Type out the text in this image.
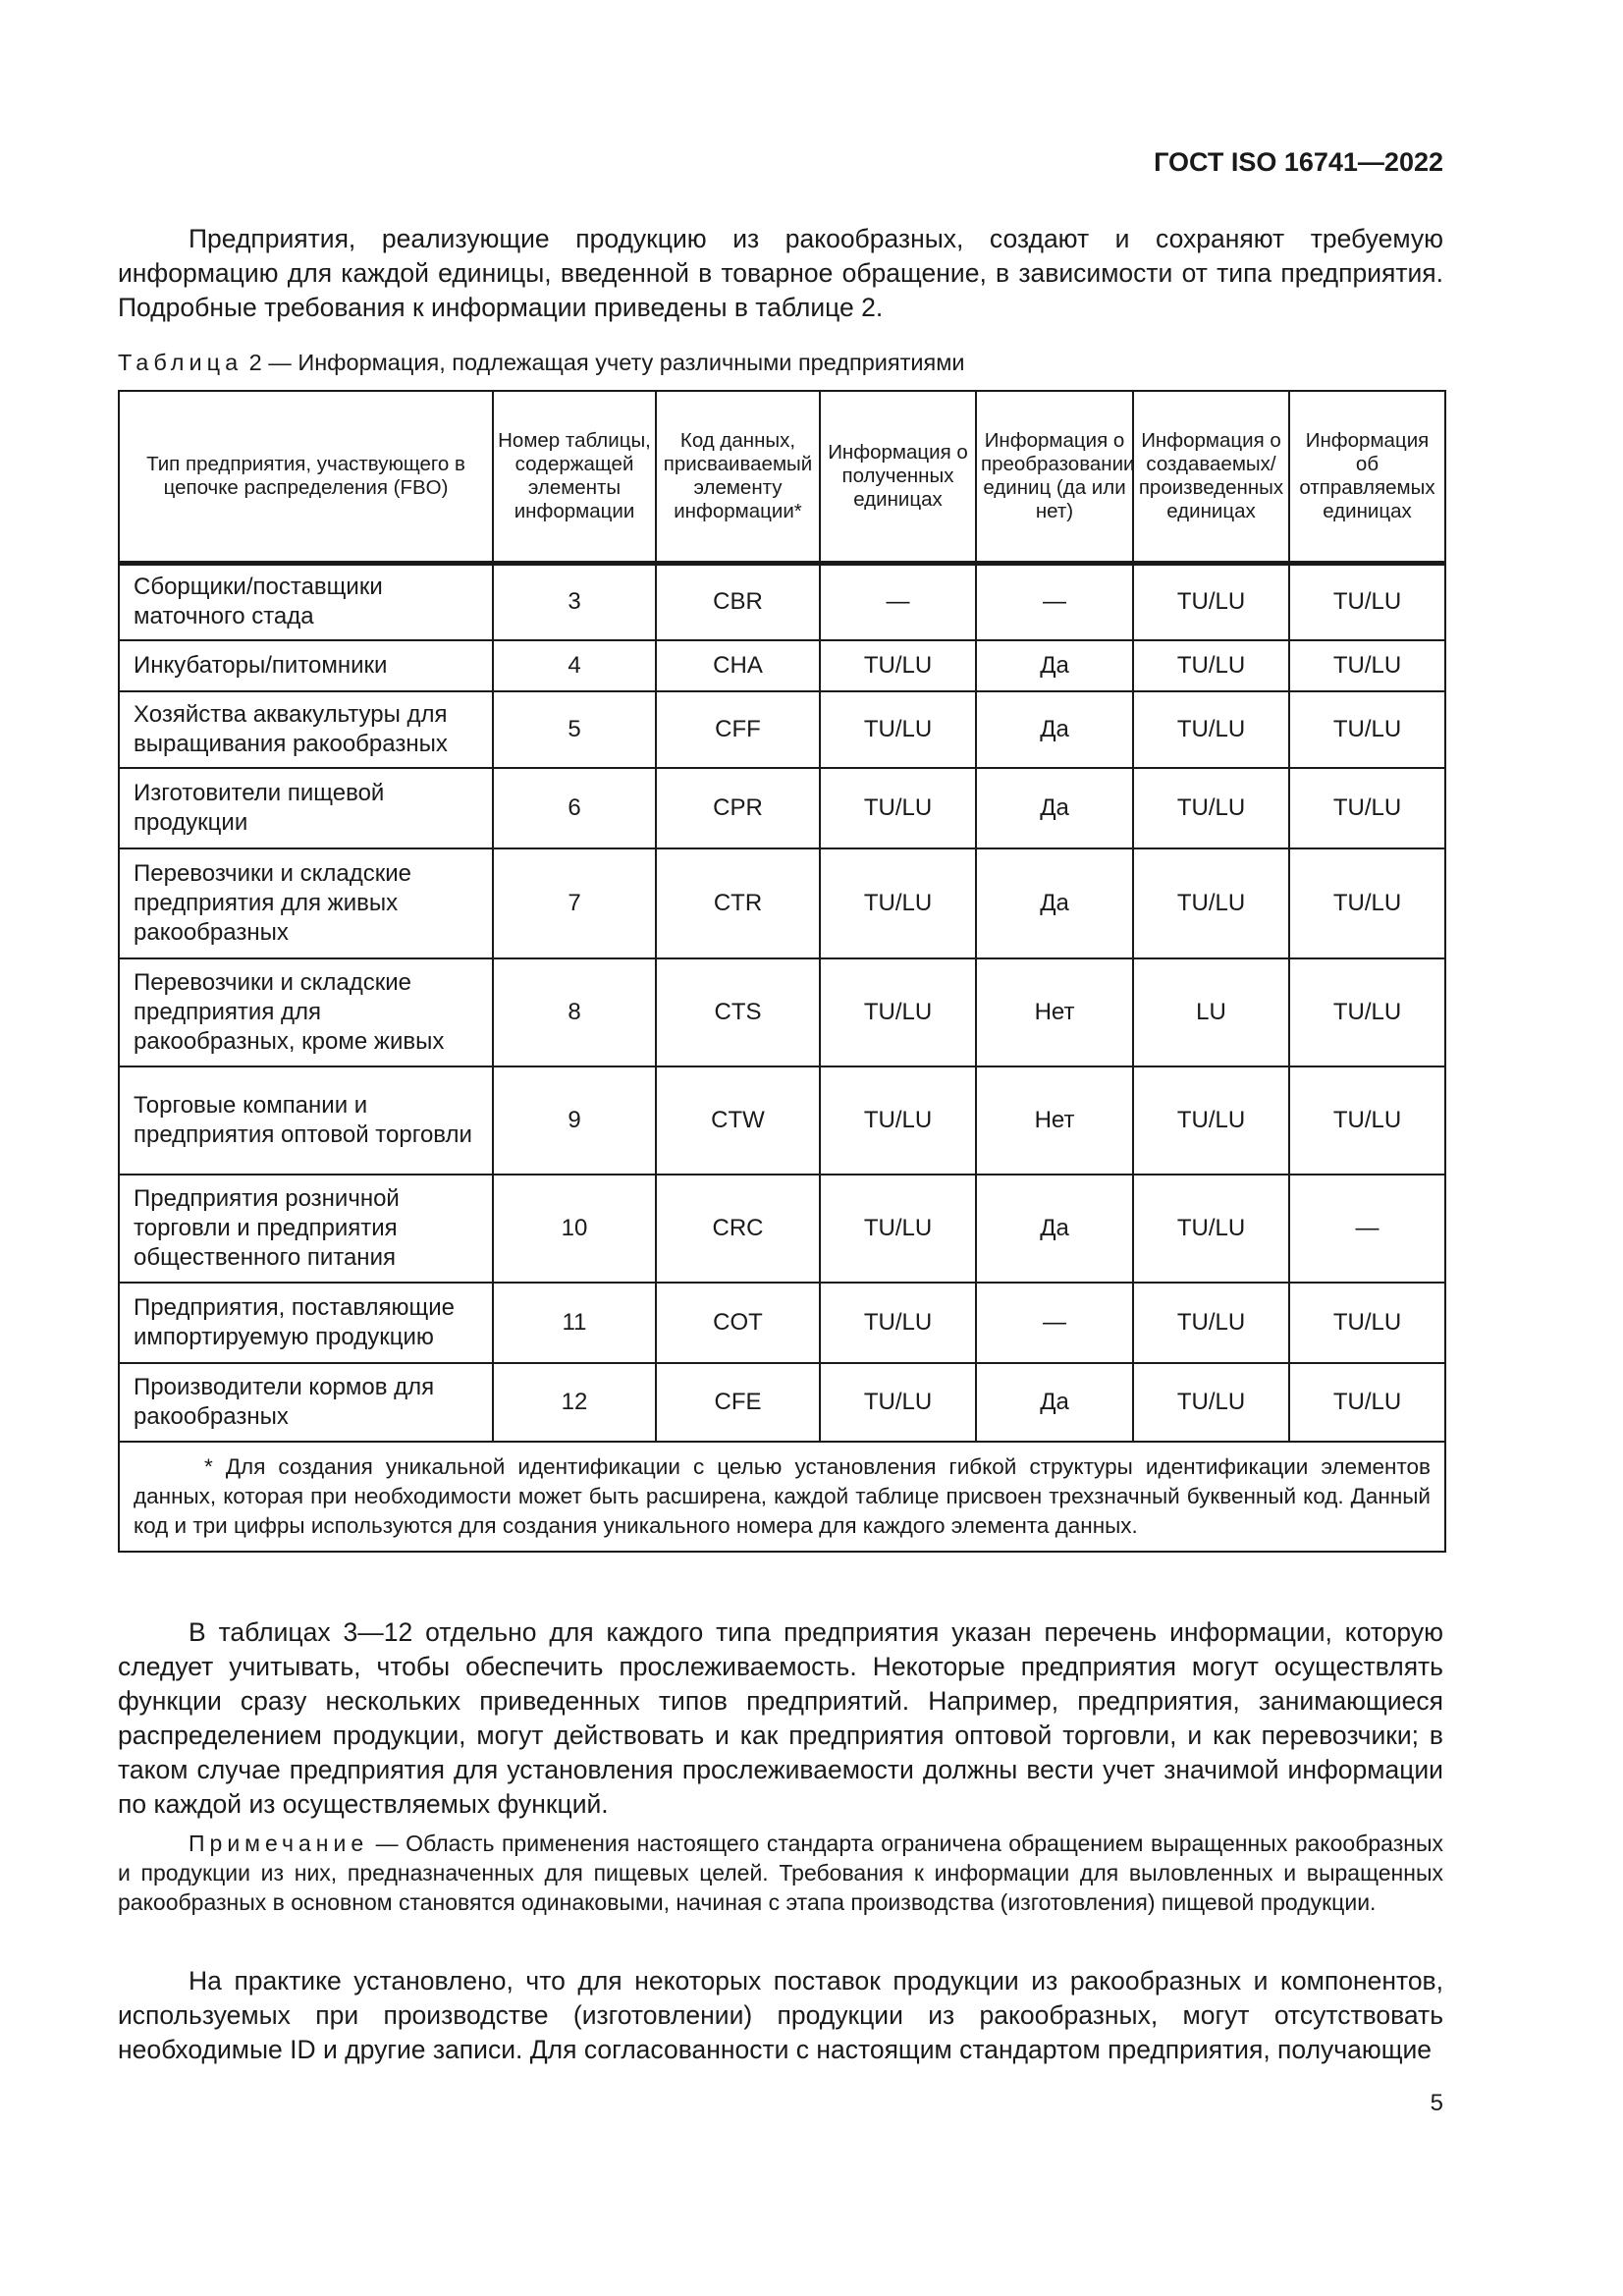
ГОСТ ISO 16741—2022

Предприятия, реализующие продукцию из ракообразных, создают и сохраняют требуемую информацию для каждой единицы, введенной в товарное обращение, в зависимости от типа предприятия. Подробные требования к информации приведены в таблице 2.

Таблица 2 — Информация, подлежащая учету различными предприятиями
Тип предприятия, участвующего в цепочке распределения (FBO)	Номер таблицы, содержащей элементы информации	Код данных, присваиваемый элементу информации*	Информация о полученных единицах	Информация о преобразовании единиц (да или нет)	Информация о создаваемых/произведенных единицах	Информация об отправляемых единицах
Сборщики/поставщики маточного стада	3	CBR	—	—	TU/LU	TU/LU
Инкубаторы/питомники	4	CHA	TU/LU	Да	TU/LU	TU/LU
Хозяйства аквакультуры для выращивания ракообразных	5	CFF	TU/LU	Да	TU/LU	TU/LU
Изготовители пищевой продукции	6	CPR	TU/LU	Да	TU/LU	TU/LU
Перевозчики и складские предприятия для живых ракообразных	7	CTR	TU/LU	Да	TU/LU	TU/LU
Перевозчики и складские предприятия для ракообразных, кроме живых	8	CTS	TU/LU	Нет	LU	TU/LU
Торговые компании и предприятия оптовой торговли	9	CTW	TU/LU	Нет	TU/LU	TU/LU
Предприятия розничной торговли и предприятия общественного питания	10	CRC	TU/LU	Да	TU/LU	—
Предприятия, поставляющие импортируемую продукцию	11	COT	TU/LU	—	TU/LU	TU/LU
Производители кормов для ракообразных	12	CFE	TU/LU	Да	TU/LU	TU/LU
* Для создания уникальной идентификации с целью установления гибкой структуры идентификации элементов данных, которая при необходимости может быть расширена, каждой таблице присвоен трехзначный буквенный код. Данный код и три цифры используются для создания уникального номера для каждого элемента данных.						

В таблицах 3—12 отдельно для каждого типа предприятия указан перечень информации, которую следует учитывать, чтобы обеспечить прослеживаемость. Некоторые предприятия могут осуществлять функции сразу нескольких приведенных типов предприятий. Например, предприятия, занимающиеся распределением продукции, могут действовать и как предприятия оптовой торговли, и как перевозчики; в таком случае предприятия для установления прослеживаемости должны вести учет значимой информации по каждой из осуществляемых функций.

Примечание — Область применения настоящего стандарта ограничена обращением выращенных ракообразных и продукции из них, предназначенных для пищевых целей. Требования к информации для выловленных и выращенных ракообразных в основном становятся одинаковыми, начиная с этапа производства (изготовления) пищевой продукции.

На практике установлено, что для некоторых поставок продукции из ракообразных и компонентов, используемых при производстве (изготовлении) продукции из ракообразных, могут отсутствовать необходимые ID и другие записи. Для согласованности с настоящим стандартом предприятия, получающие

5
